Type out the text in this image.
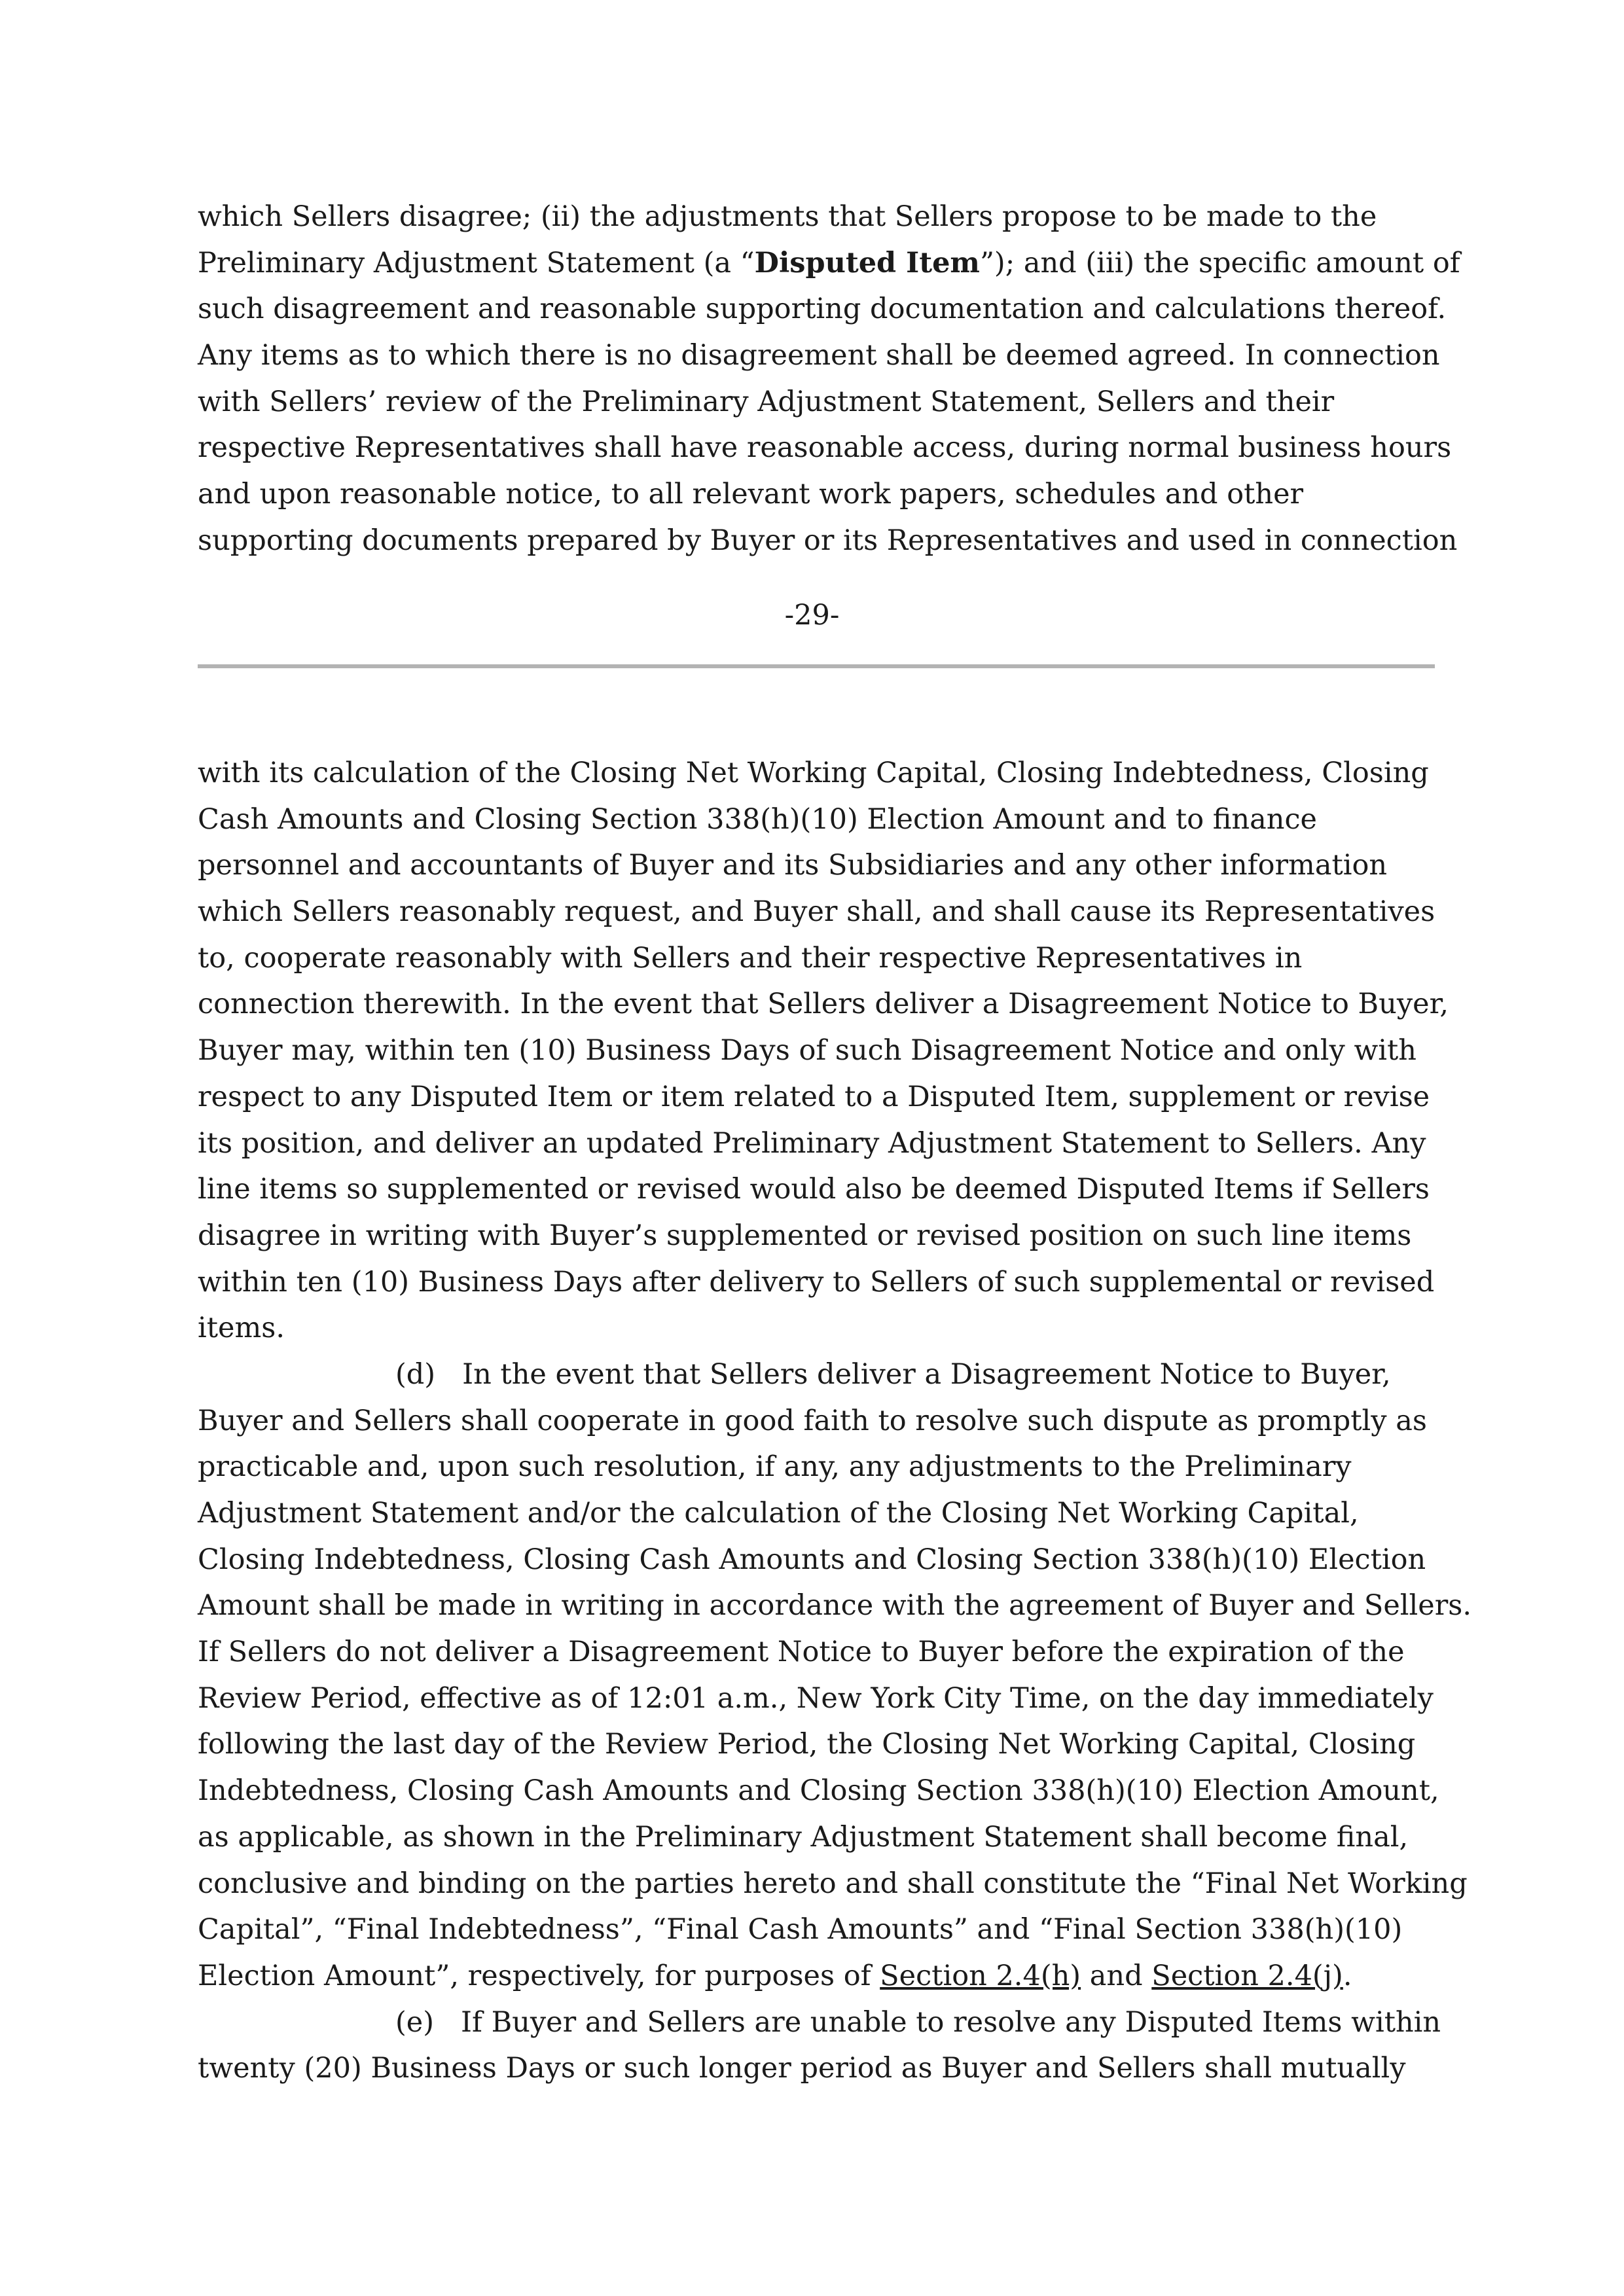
which Sellers disagree; (ii) the adjustments that Sellers propose to be made to the
Preliminary Adjustment Statement (a “Disputed Item”); and (iii) the specific amount of
such disagreement and reasonable supporting documentation and calculations thereof.
Any items as to which there is no disagreement shall be deemed agreed. In connection
with Sellers’ review of the Preliminary Adjustment Statement, Sellers and their
respective Representatives shall have reasonable access, during normal business hours
and upon reasonable notice, to all relevant work papers, schedules and other
supporting documents prepared by Buyer or its Representatives and used in connection
-29-
with its calculation of the Closing Net Working Capital, Closing Indebtedness, Closing
Cash Amounts and Closing Section 338(h)(10) Election Amount and to finance
personnel and accountants of Buyer and its Subsidiaries and any other information
which Sellers reasonably request, and Buyer shall, and shall cause its Representatives
to, cooperate reasonably with Sellers and their respective Representatives in
connection therewith. In the event that Sellers deliver a Disagreement Notice to Buyer,
Buyer may, within ten (10) Business Days of such Disagreement Notice and only with
respect to any Disputed Item or item related to a Disputed Item, supplement or revise
its position, and deliver an updated Preliminary Adjustment Statement to Sellers. Any
line items so supplemented or revised would also be deemed Disputed Items if Sellers
disagree in writing with Buyer’s supplemented or revised position on such line items
within ten (10) Business Days after delivery to Sellers of such supplemental or revised
items.
(d)   In the event that Sellers deliver a Disagreement Notice to Buyer,
Buyer and Sellers shall cooperate in good faith to resolve such dispute as promptly as
practicable and, upon such resolution, if any, any adjustments to the Preliminary
Adjustment Statement and/or the calculation of the Closing Net Working Capital,
Closing Indebtedness, Closing Cash Amounts and Closing Section 338(h)(10) Election
Amount shall be made in writing in accordance with the agreement of Buyer and Sellers.
If Sellers do not deliver a Disagreement Notice to Buyer before the expiration of the
Review Period, effective as of 12:01 a.m., New York City Time, on the day immediately
following the last day of the Review Period, the Closing Net Working Capital, Closing
Indebtedness, Closing Cash Amounts and Closing Section 338(h)(10) Election Amount,
as applicable, as shown in the Preliminary Adjustment Statement shall become final,
conclusive and binding on the parties hereto and shall constitute the “Final Net Working
Capital”, “Final Indebtedness”, “Final Cash Amounts” and “Final Section 338(h)(10)
Election Amount”, respectively, for purposes of Section 2.4(h) and Section 2.4(j).
(e)   If Buyer and Sellers are unable to resolve any Disputed Items within
twenty (20) Business Days or such longer period as Buyer and Sellers shall mutually
